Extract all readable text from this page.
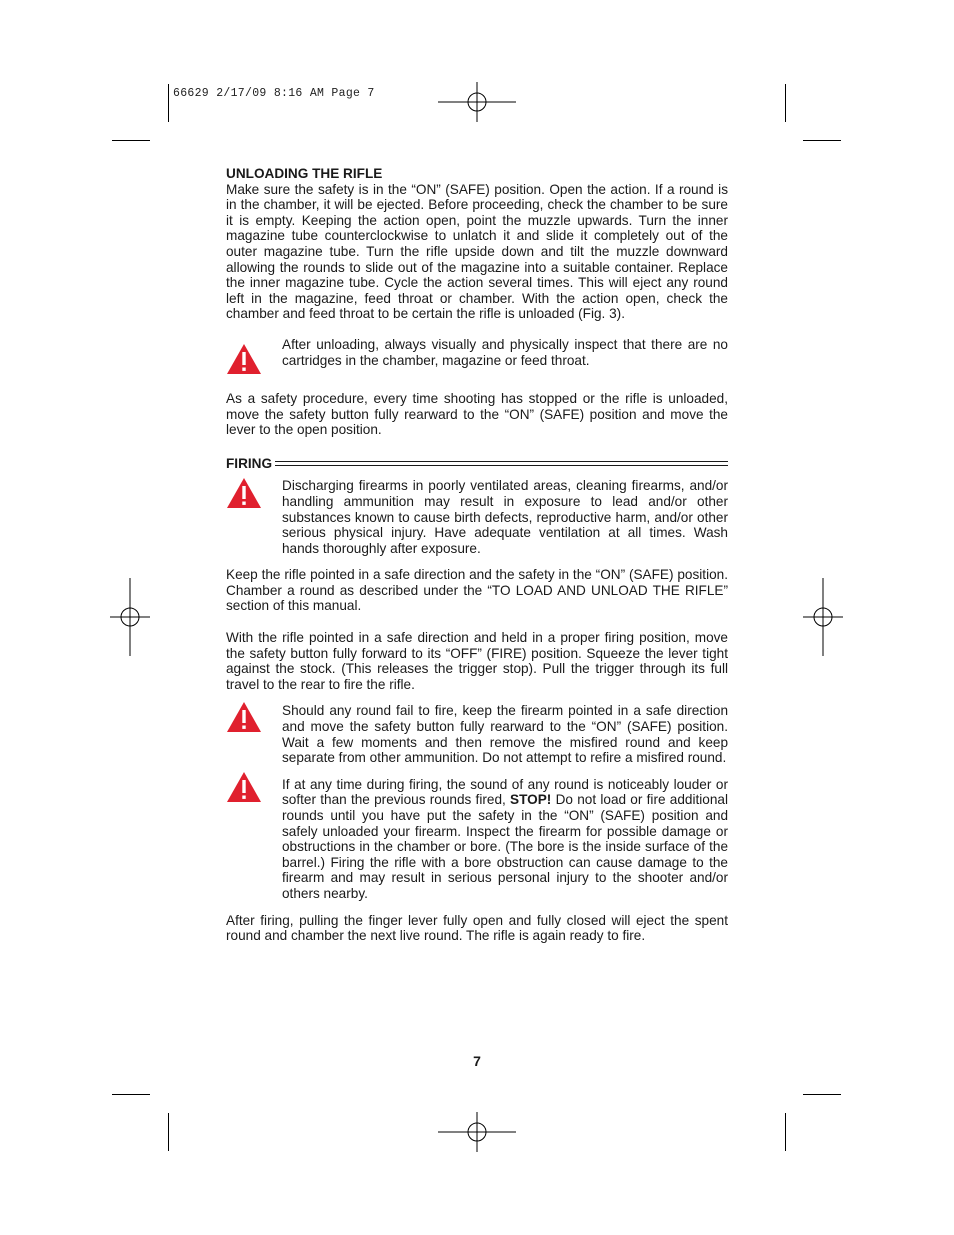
66629 2/17/09 8:16 AM Page 7

UNLOADING THE RIFLE

Make sure the safety is in the “ON” (SAFE) position. Open the action. If a round is in the chamber, it will be ejected. Before proceeding, check the chamber to be sure it is empty. Keeping the action open, point the muzzle upwards. Turn the inner magazine tube counterclockwise to unlatch it and slide it completely out of the outer magazine tube. Turn the rifle upside down and tilt the muzzle downward allowing the rounds to slide out of the magazine into a suitable container. Replace the inner magazine tube. Cycle the action several times. This will eject any round left in the magazine, feed throat or chamber. With the action open, check the chamber and feed throat to be certain the rifle is unloaded (Fig. 3).

After unloading, always visually and physically inspect that there are no cartridges in the chamber, magazine or feed throat.

As a safety procedure, every time shooting has stopped or the rifle is unloaded, move the safety button fully rearward to the “ON” (SAFE) position and move the lever to the open position.

FIRING

Discharging firearms in poorly ventilated areas, cleaning firearms, and/or handling ammunition may result in exposure to lead and/or other substances known to cause birth defects, reproductive harm, and/or other serious physical injury. Have adequate ventilation at all times. Wash hands thoroughly after exposure.

Keep the rifle pointed in a safe direction and the safety in the “ON” (SAFE) position. Chamber a round as described under the “TO LOAD AND UNLOAD THE RIFLE” section of this manual.

With the rifle pointed in a safe direction and held in a proper firing position, move the safety button fully forward to its “OFF” (FIRE) position. Squeeze the lever tight against the stock. (This releases the trigger stop). Pull the trigger through its full travel to the rear to fire the rifle.

Should any round fail to fire, keep the firearm pointed in a safe direction and move the safety button fully rearward to the “ON” (SAFE) position. Wait a few moments and then remove the misfired round and keep separate from other ammunition. Do not attempt to refire a misfired round.
If at any time during firing, the sound of any round is noticeably louder or softer than the previous rounds fired, STOP! Do not load or fire additional rounds until you have put the safety in the “ON” (SAFE) position and safely unloaded your firearm. Inspect the firearm for possible damage or obstructions in the chamber or bore. (The bore is the inside surface of the barrel.) Firing the rifle with a bore obstruction can cause damage to the firearm and may result in serious personal injury to the shooter and/or others nearby.

After firing, pulling the finger lever fully open and fully closed will eject the spent round and chamber the next live round. The rifle is again ready to fire.

7
